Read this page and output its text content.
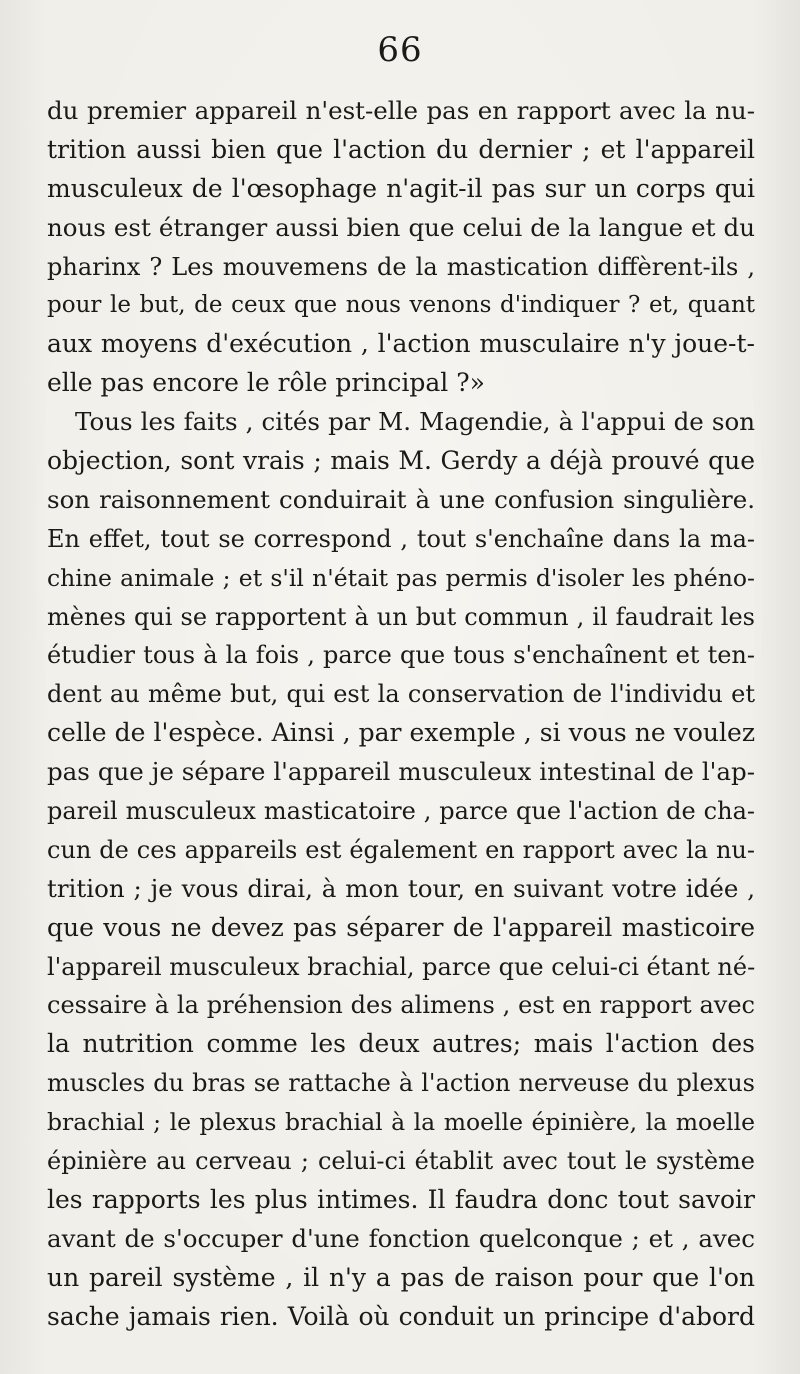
66
du premier appareil n'est-elle pas en rapport avec la nu-
trition aussi bien que l'action du dernier ; et l'appareil
musculeux de l'œsophage n'agit-il pas sur un corps qui
nous est étranger aussi bien que celui de la langue et du
pharinx ? Les mouvemens de la mastication diffèrent-ils ,
pour le but, de ceux que nous venons d'indiquer ? et, quant
aux moyens d'exécution , l'action musculaire n'y joue-t-
elle pas encore le rôle principal ?»
Tous les faits , cités par M. Magendie, à l'appui de son
objection, sont vrais ; mais M. Gerdy a déjà prouvé que
son raisonnement conduirait à une confusion singulière.
En effet, tout se correspond , tout s'enchaîne dans la ma-
chine animale ; et s'il n'était pas permis d'isoler les phéno-
mènes qui se rapportent à un but commun , il faudrait les
étudier tous à la fois , parce que tous s'enchaînent et ten-
dent au même but, qui est la conservation de l'individu et
celle de l'espèce. Ainsi , par exemple , si vous ne voulez
pas que je sépare l'appareil musculeux intestinal de l'ap-
pareil musculeux masticatoire , parce que l'action de cha-
cun de ces appareils est également en rapport avec la nu-
trition ; je vous dirai, à mon tour, en suivant votre idée ,
que vous ne devez pas séparer de l'appareil masticoire
l'appareil musculeux brachial, parce que celui-ci étant né-
cessaire à la préhension des alimens , est en rapport avec
la nutrition comme les deux autres; mais l'action des
muscles du bras se rattache à l'action nerveuse du plexus
brachial ; le plexus brachial à la moelle épinière, la moelle
épinière au cerveau ; celui-ci établit avec tout le système
les rapports les plus intimes. Il faudra donc tout savoir
avant de s'occuper d'une fonction quelconque ; et , avec
un pareil système , il n'y a pas de raison pour que l'on
sache jamais rien. Voilà où conduit un principe d'abord
